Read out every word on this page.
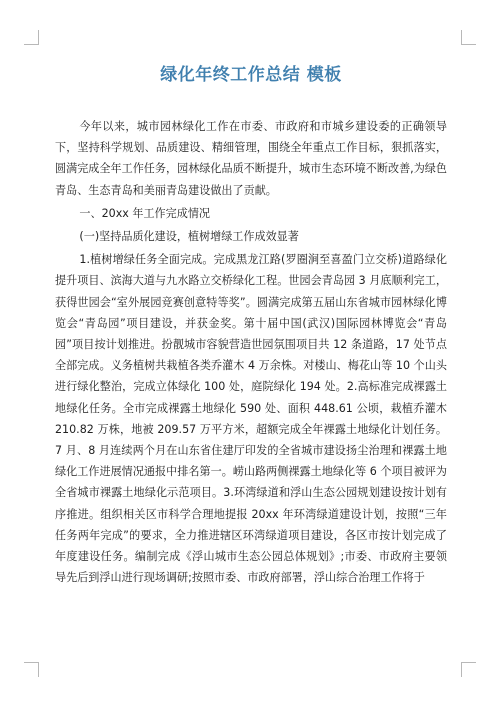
绿化年终工作总结 模板

今年以来，城市园林绿化工作在市委、市政府和市城乡建设委的正确领导下，坚持科学规划、品质建设、精细管理，围绕全年重点工作目标，狠抓落实，圆满完成全年工作任务，园林绿化品质不断提升，城市生态环境不断改善,为绿色青岛、生态青岛和美丽青岛建设做出了贡献。

一、20xx 年工作完成情况

(一)坚持品质化建设，植树增绿工作成效显著

1.植树增绿任务全面完成。完成黑龙江路(罗圈涧至喜盈门立交桥)道路绿化提升项目、滨海大道与九水路立交桥绿化工程。世园会青岛园 3 月底顺利完工，获得世园会“室外展园竞赛创意特等奖”。圆满完成第五届山东省城市园林绿化博览会“青岛园”项目建设，并获金奖。第十届中国(武汉)国际园林博览会“青岛园”项目按计划推进。扮靓城市容貌营造世园氛围项目共 12 条道路，17 处节点全部完成。义务植树共栽植各类乔灌木 4 万余株。对楼山、梅花山等 10 个山头进行绿化整治，完成立体绿化 100 处，庭院绿化 194 处。2.高标准完成裸露土地绿化任务。全市完成裸露土地绿化 590 处、面积 448.61 公顷，栽植乔灌木 210.82 万株，地被 209.57 万平方米，超额完成全年裸露土地绿化计划任务。7 月、8 月连续两个月在山东省住建厅印发的全省城市建设扬尘治理和裸露土地绿化工作进展情况通报中排名第一。崂山路两侧裸露土地绿化等 6 个项目被评为全省城市裸露土地绿化示范项目。3.环湾绿道和浮山生态公园规划建设按计划有序推进。组织相关区市科学合理地提报 20xx 年环湾绿道建设计划，按照“三年任务两年完成”的要求，全力推进辖区环湾绿道项目建设，各区市按计划完成了年度建设任务。编制完成《浮山城市生态公园总体规划》;市委、市政府主要领导先后到浮山进行现场调研;按照市委、市政府部署，浮山综合治理工作将于
